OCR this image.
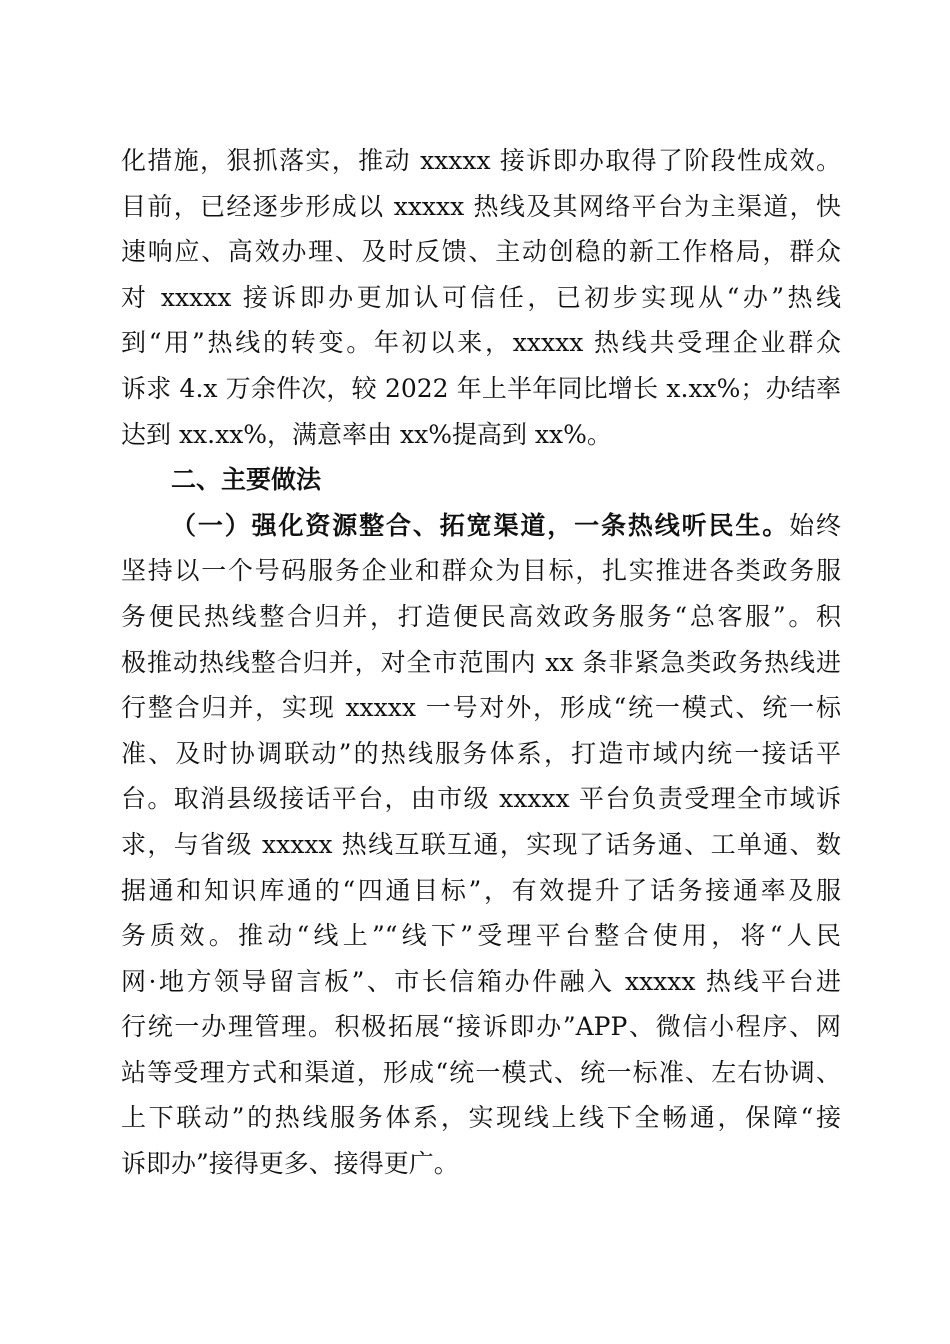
化措施，狠抓落实，推动 xxxxx 接诉即办取得了阶段性成效。
目前，已经逐步形成以 xxxxx 热线及其网络平台为主渠道，快
速响应、高效办理、及时反馈、主动创稳的新工作格局，群众
对 xxxxx 接诉即办更加认可信任，已初步实现从“办”热线
到“用”热线的转变。年初以来，xxxxx 热线共受理企业群众
诉求 4.x 万余件次，较 2022 年上半年同比增长 x.xx%；办结率
达到 xx.xx%，满意率由 xx%提高到 xx%。
二、主要做法
（一）强化资源整合、拓宽渠道，一条热线听民生。始终
坚持以一个号码服务企业和群众为目标，扎实推进各类政务服
务便民热线整合归并，打造便民高效政务服务“总客服”。积
极推动热线整合归并，对全市范围内 xx 条非紧急类政务热线进
行整合归并，实现 xxxxx 一号对外，形成“统一模式、统一标
准、及时协调联动”的热线服务体系，打造市域内统一接话平
台。取消县级接话平台，由市级 xxxxx 平台负责受理全市域诉
求，与省级 xxxxx 热线互联互通，实现了话务通、工单通、数
据通和知识库通的“四通目标”，有效提升了话务接通率及服
务质效。推动“线上”“线下”受理平台整合使用，将“人民
网·地方领导留言板”、市长信箱办件融入 xxxxx 热线平台进
行统一办理管理。积极拓展“接诉即办”APP、微信小程序、网
站等受理方式和渠道，形成“统一模式、统一标准、左右协调、
上下联动”的热线服务体系，实现线上线下全畅通，保障“接
诉即办”接得更多、接得更广。
